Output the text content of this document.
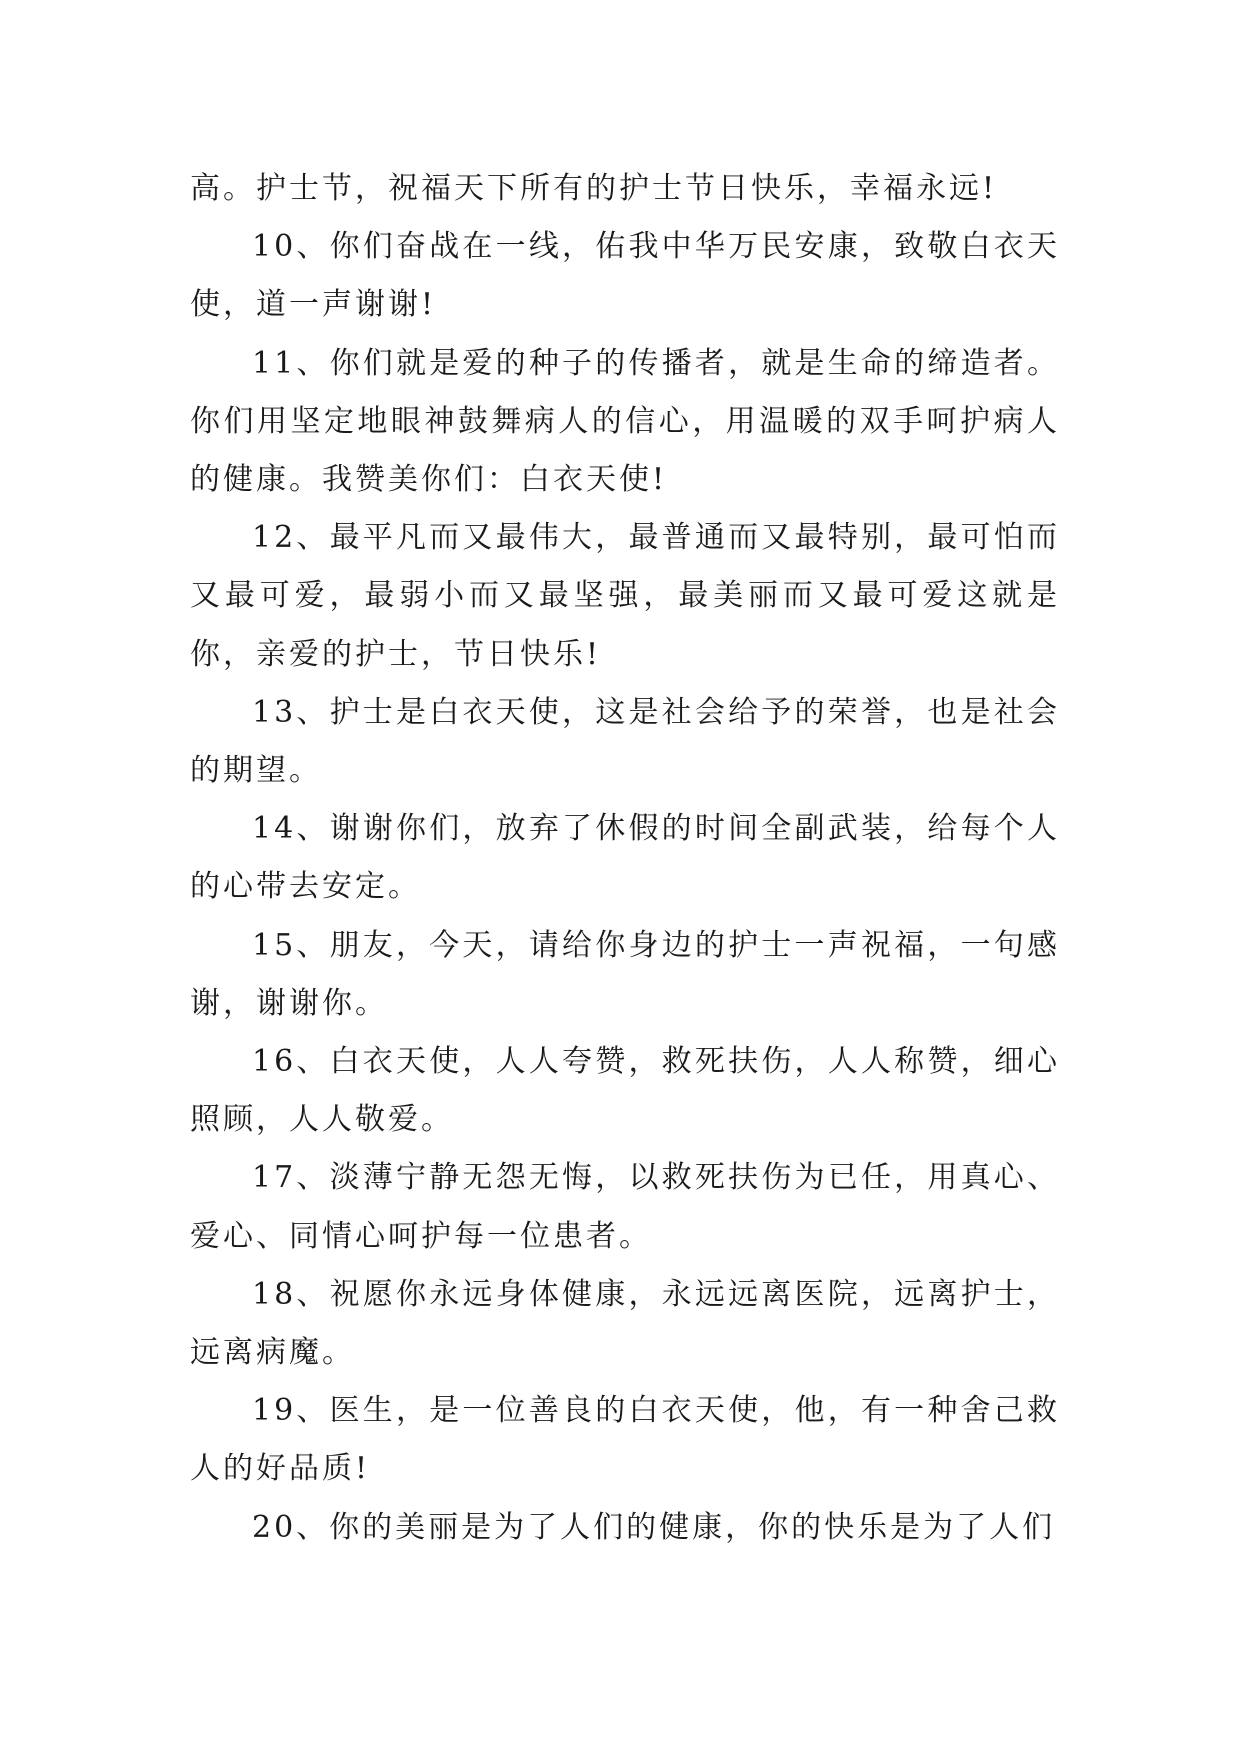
高。护士节，祝福天下所有的护士节日快乐，幸福永远!

10、你们奋战在一线，佑我中华万民安康，致敬白衣天使，道一声谢谢!

11、你们就是爱的种子的传播者，就是生命的缔造者。你们用坚定地眼神鼓舞病人的信心，用温暖的双手呵护病人的健康。我赞美你们：白衣天使!

12、最平凡而又最伟大，最普通而又最特别，最可怕而又最可爱，最弱小而又最坚强，最美丽而又最可爱这就是你，亲爱的护士，节日快乐!

13、护士是白衣天使，这是社会给予的荣誉，也是社会的期望。

14、谢谢你们，放弃了休假的时间全副武装，给每个人的心带去安定。

15、朋友，今天，请给你身边的护士一声祝福，一句感谢，谢谢你。

16、白衣天使，人人夸赞，救死扶伤，人人称赞，细心照顾，人人敬爱。

17、淡薄宁静无怨无悔，以救死扶伤为已任，用真心、爱心、同情心呵护每一位患者。

18、祝愿你永远身体健康，永远远离医院，远离护士，远离病魔。

19、医生，是一位善良的白衣天使，他，有一种舍己救人的好品质!

20、你的美丽是为了人们的健康，你的快乐是为了人们
